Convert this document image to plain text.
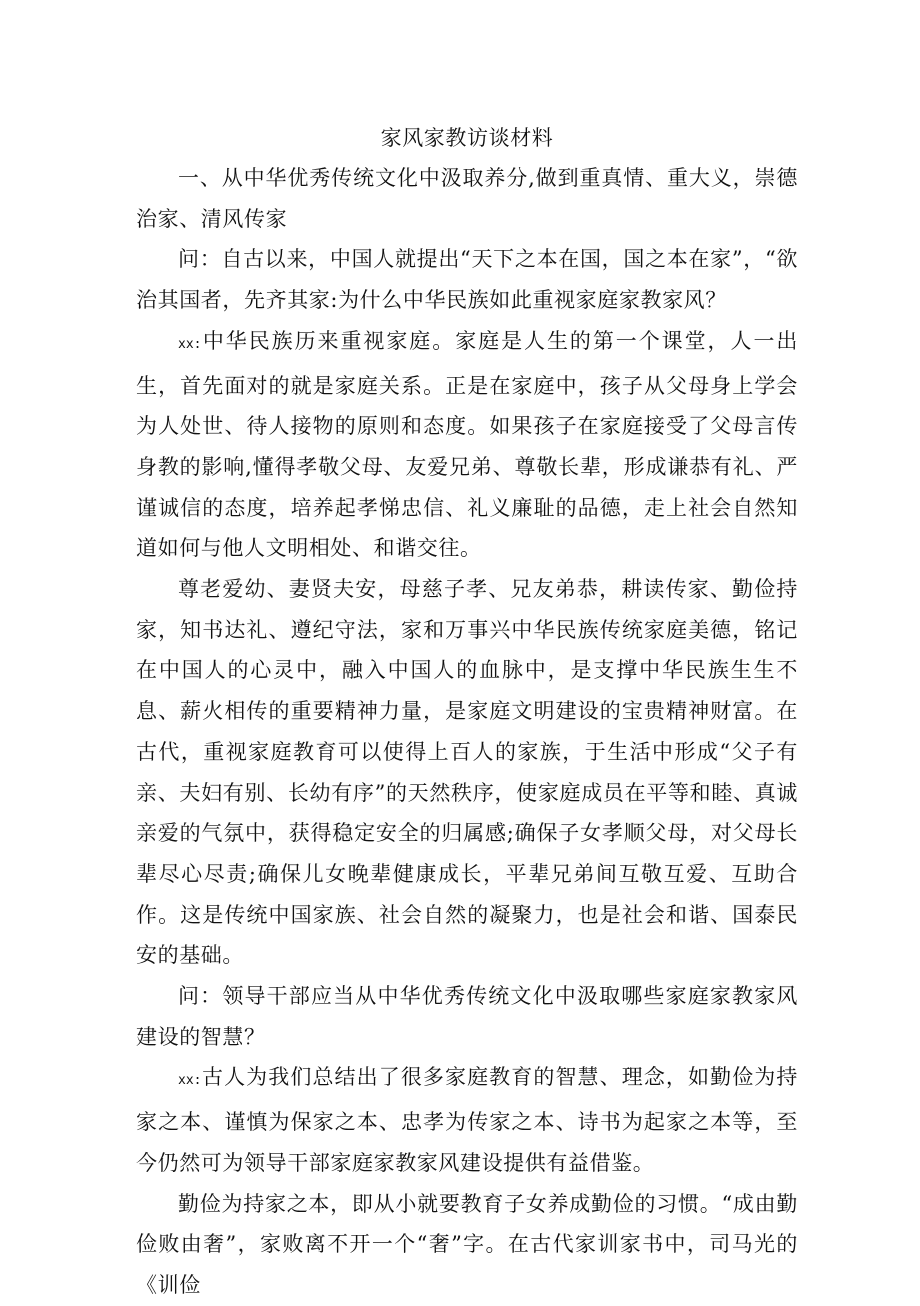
家风家教访谈材料

一、从中华优秀传统文化中汲取养分,做到重真情、重大义，崇德治家、清风传家

问：自古以来，中国人就提出“天下之本在国，国之本在家”，“欲治其国者，先齐其家:为什么中华民族如此重视家庭家教家风？

xx:中华民族历来重视家庭。家庭是人生的第一个课堂，人一出生，首先面对的就是家庭关系。正是在家庭中，孩子从父母身上学会为人处世、待人接物的原则和态度。如果孩子在家庭接受了父母言传身教的影响,懂得孝敬父母、友爱兄弟、尊敬长辈，形成谦恭有礼、严谨诚信的态度，培养起孝悌忠信、礼义廉耻的品德，走上社会自然知道如何与他人文明相处、和谐交往。

尊老爱幼、妻贤夫安，母慈子孝、兄友弟恭，耕读传家、勤俭持家，知书达礼、遵纪守法，家和万事兴中华民族传统家庭美德，铭记在中国人的心灵中，融入中国人的血脉中，是支撑中华民族生生不息、薪火相传的重要精神力量，是家庭文明建设的宝贵精神财富。在古代，重视家庭教育可以使得上百人的家族，于生活中形成“父子有亲、夫妇有别、长幼有序”的天然秩序，使家庭成员在平等和睦、真诚亲爱的气氛中，获得稳定安全的归属感;确保子女孝顺父母，对父母长辈尽心尽责;确保儿女晚辈健康成长，平辈兄弟间互敬互爱、互助合作。这是传统中国家族、社会自然的凝聚力，也是社会和谐、国泰民安的基础。

问：领导干部应当从中华优秀传统文化中汲取哪些家庭家教家风建设的智慧？

xx:古人为我们总结出了很多家庭教育的智慧、理念，如勤俭为持家之本、谨慎为保家之本、忠孝为传家之本、诗书为起家之本等，至今仍然可为领导干部家庭家教家风建设提供有益借鉴。

勤俭为持家之本，即从小就要教育子女养成勤俭的习惯。“成由勤俭败由奢”，家败离不开一个“奢”字。在古代家训家书中，司马光的《训俭
